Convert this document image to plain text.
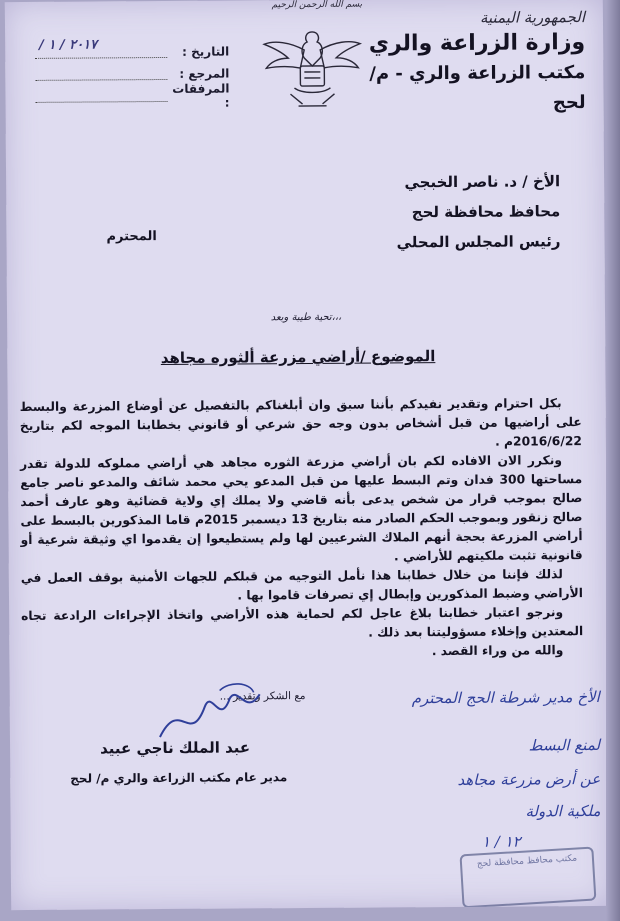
بسم الله الرحمن الرحيم
الجمهورية اليمنية
وزارة الزراعة والري
مكتب الزراعة والري - م/لحج
التاريخ :
/ ۱ / ۲۰۱۷
المرجع :
المرفقات :
الأخ / د. ناصر الخبجي
محافظ محافظة لحج
رئيس المجلس المحلي
المحترم
تحية طيبة وبعد،،،
الموضوع /أراضي مزرعة ألثوره مجاهد

بكل احترام وتقدير نفيدكم بأننا سبق وان أبلغناكم بالتفصيل عن أوضاع المزرعة والبسط على أراضيها من قبل أشخاص بدون وجه حق شرعي أو قانوني بخطابنا الموجه لكم بتاريخ 2016/6/22م .

ونكرر الان الافاده لكم بان أراضي مزرعة الثوره مجاهد هي أراضي مملوكه للدولة تقدر مساحتها 300 فدان وتم البسط عليها من قبل المدعو يحي محمد شائف والمدعو ناصر جامع صالح بموجب قرار من شخص يدعى بأنه قاضي ولا يملك إي ولاية قضائية وهو عارف أحمد صالح زنقور وبموجب الحكم الصادر منه بتاريخ 13 ديسمبر 2015م قاما المذكورين بالبسط على أراضي المزرعة بحجة أنهم الملاك الشرعيين لها ولم يستطيعوا إن يقدموا اي وثيقة شرعية أو قانونية تثبت ملكيتهم للأراضي .

لذلك فإننا من خلال خطابنا هذا نأمل التوجيه من قبلكم للجهات الأمنية بوقف العمل في الأراضي وضبط المذكورين وإبطال إي تصرفات قاموا بها .

ونرجو اعتبار خطابنا بلاغ عاجل لكم لحماية هذه الأراضي واتخاذ الإجراءات الرادعة تجاه المعتدين وإخلاء مسؤوليتنا بعد ذلك .

والله من وراء القصد .

مع الشكر وتقدير ...
عبد الملك ناجي عبيد
مدير عام مكتب الزراعة والري م/ لحج
الأخ مدير شرطة الحج المحترم
لمنع البسط
عن أرض مزرعة مجاهد
ملكية الدولة
١٢ / ١
مكتب محافظ محافظة لحج
